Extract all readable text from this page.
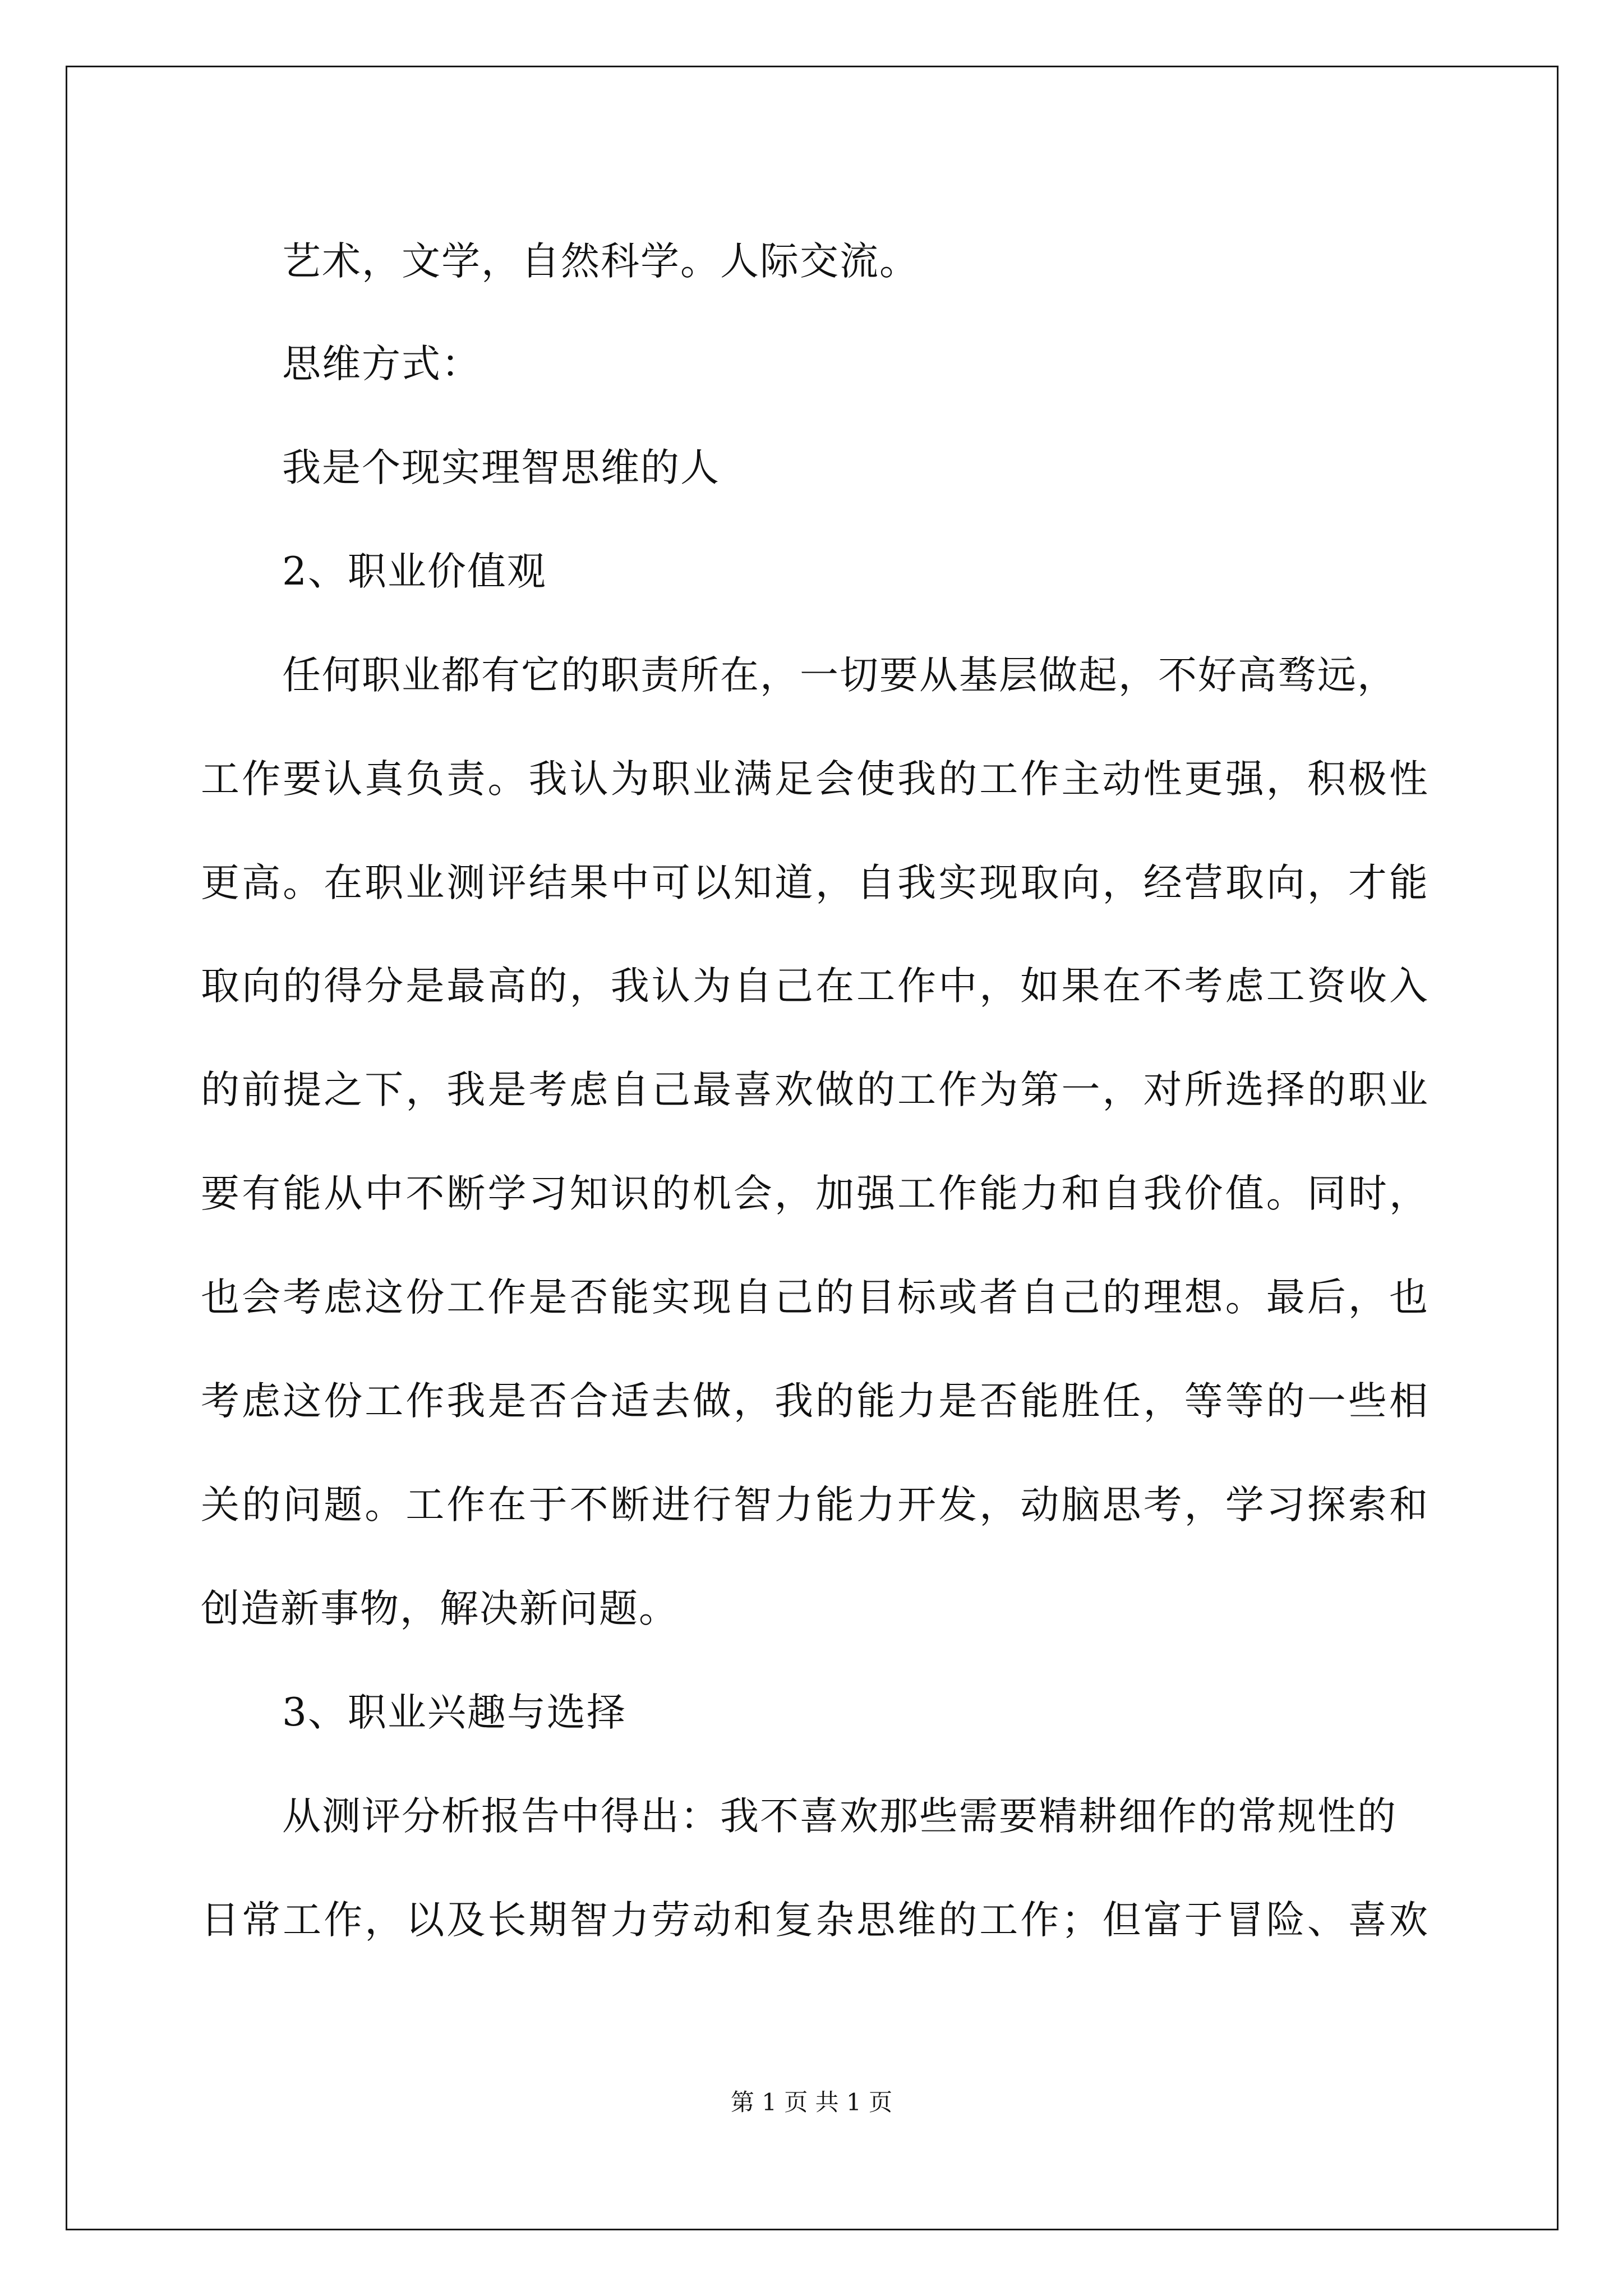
艺术，文学，自然科学。人际交流。
思维方式：
我是个现实理智思维的人
2、职业价值观
任何职业都有它的职责所在，一切要从基层做起，不好高骛远，
工作要认真负责。我认为职业满足会使我的工作主动性更强，积极性
更高。在职业测评结果中可以知道，自我实现取向，经营取向，才能
取向的得分是最高的，我认为自己在工作中，如果在不考虑工资收入
的前提之下，我是考虑自己最喜欢做的工作为第一，对所选择的职业
要有能从中不断学习知识的机会，加强工作能力和自我价值。同时，
也会考虑这份工作是否能实现自己的目标或者自己的理想。最后，也
考虑这份工作我是否合适去做，我的能力是否能胜任，等等的一些相
关的问题。工作在于不断进行智力能力开发，动脑思考，学习探索和
创造新事物，解决新问题。
3、职业兴趣与选择
从测评分析报告中得出：我不喜欢那些需要精耕细作的常规性的
日常工作，以及长期智力劳动和复杂思维的工作；但富于冒险、喜欢
第 1 页 共 1 页
